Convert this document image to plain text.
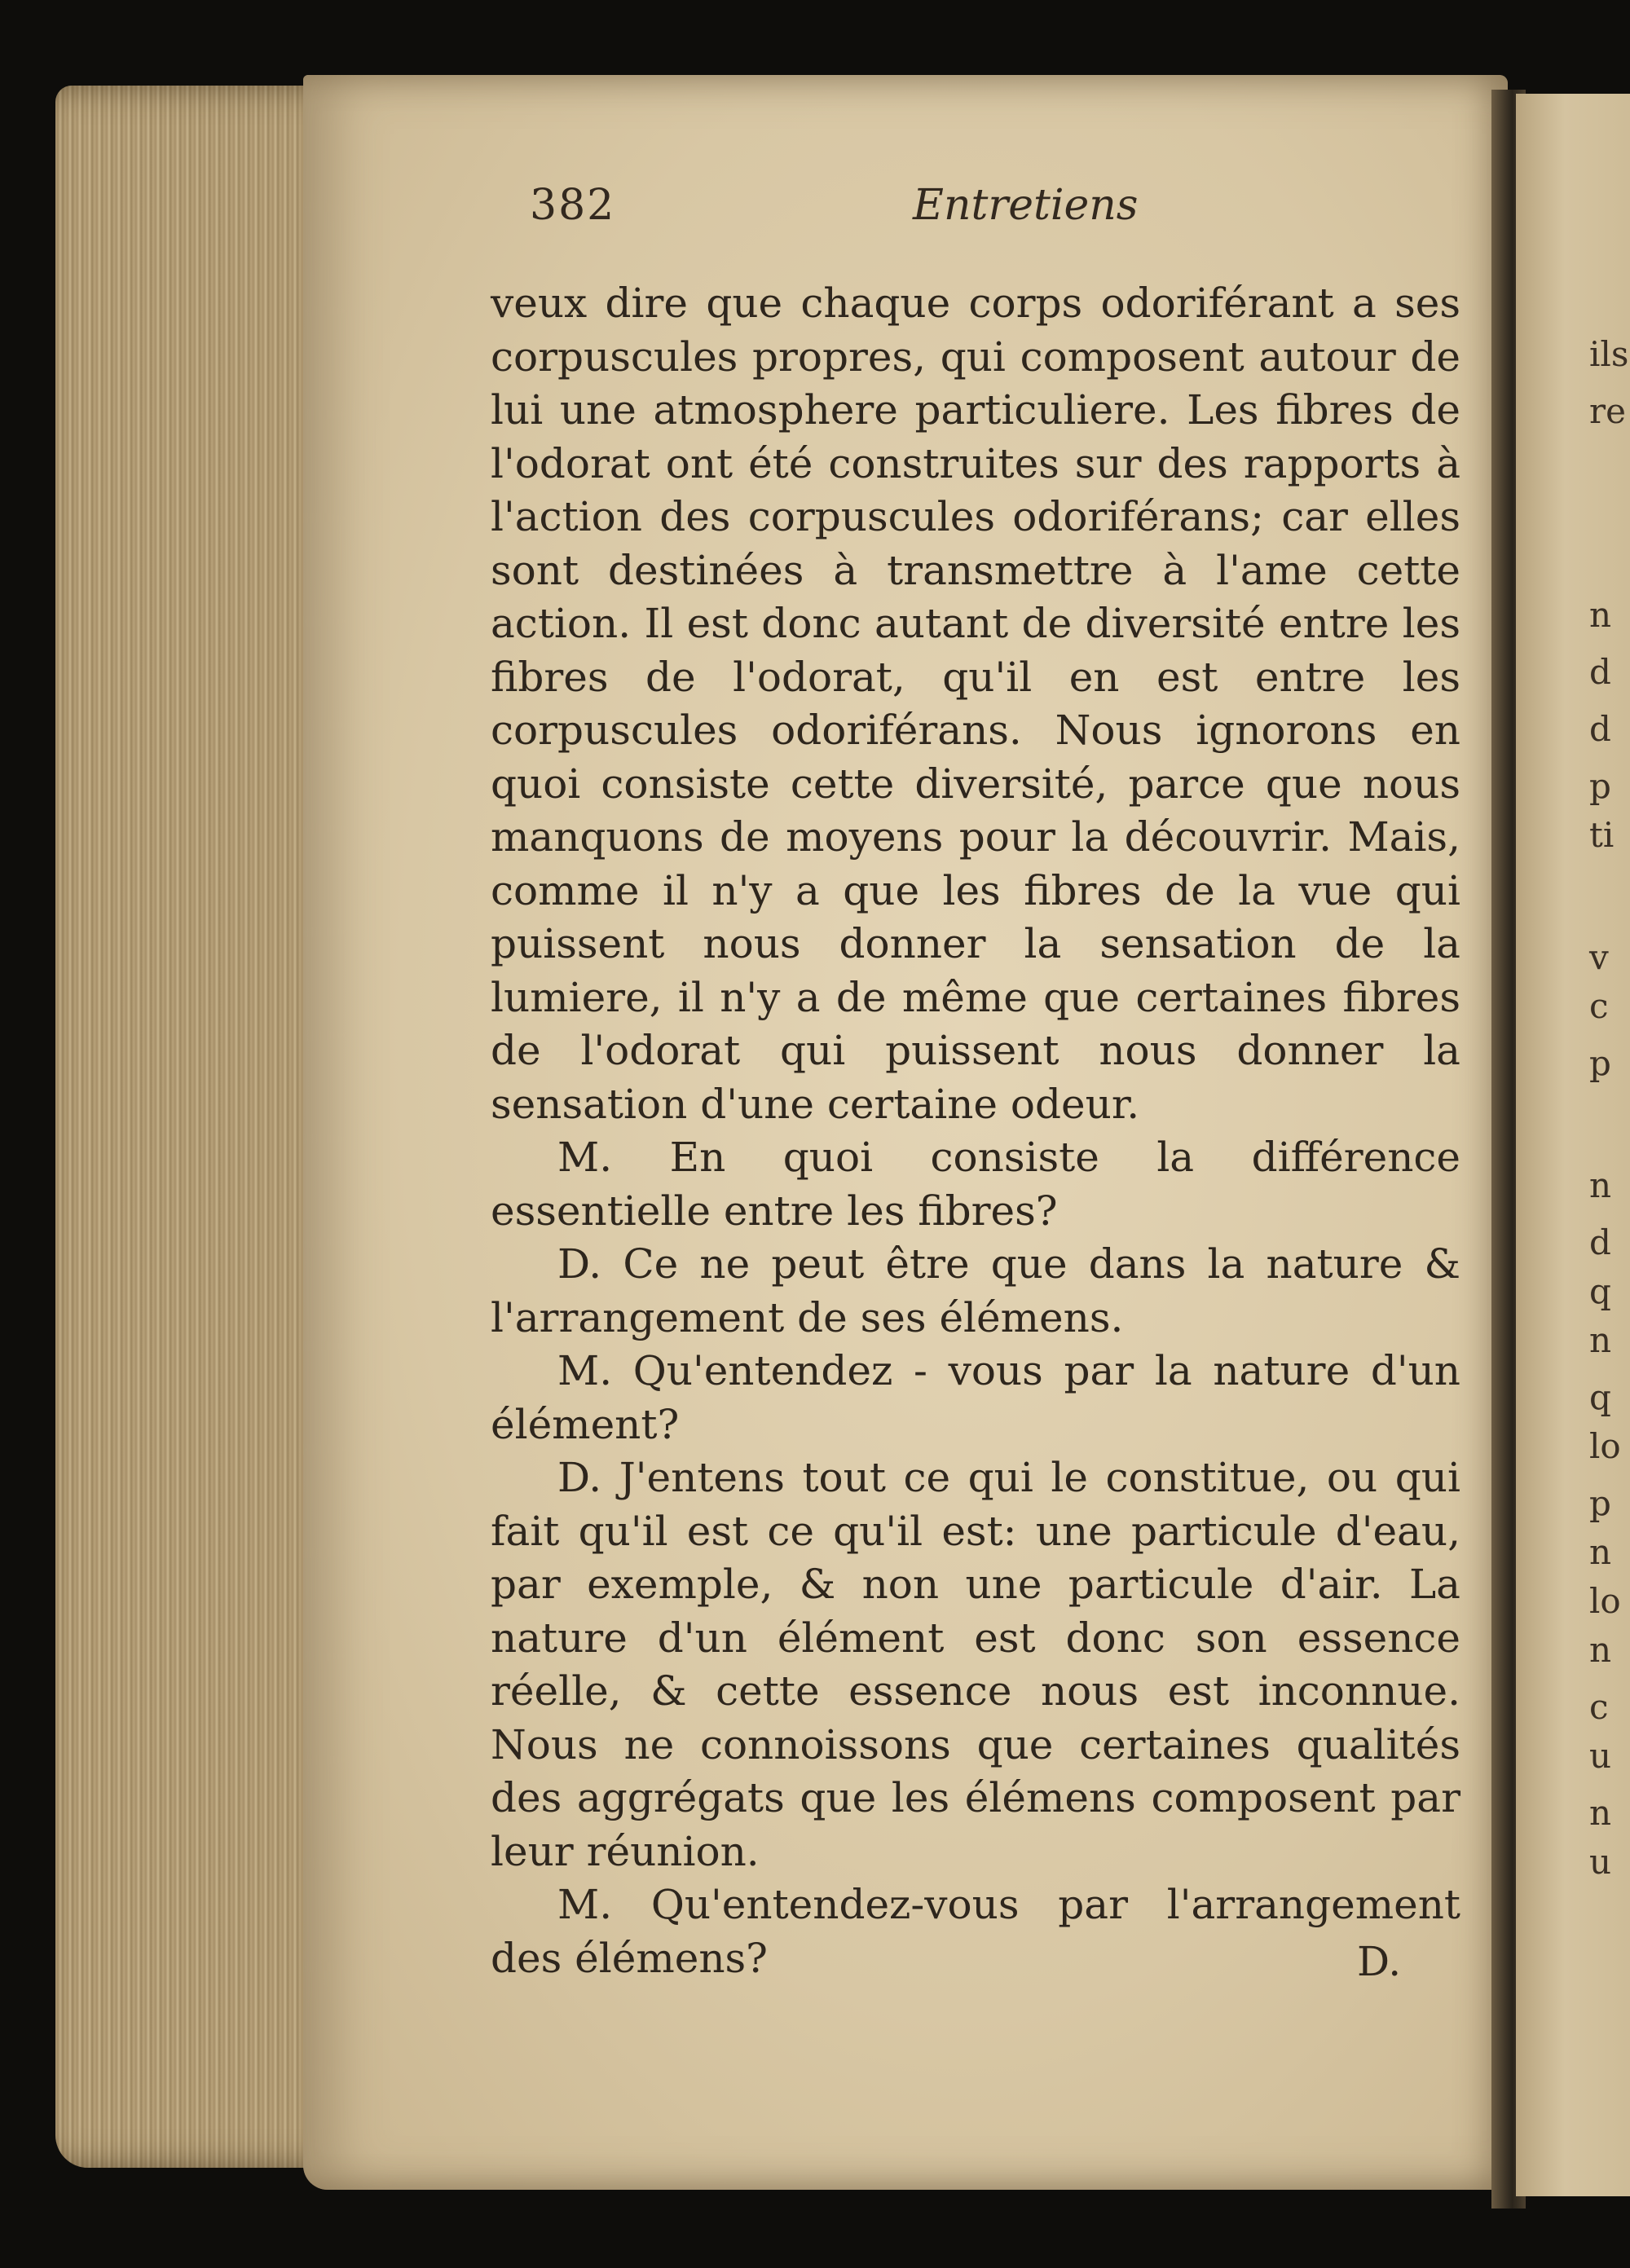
ils
re
n
d
d
p
ti
v
c
p
n
d
q
n
q
lo
p
n
lo
n
c
u
n
u
382	Entretiens

veux dire que chaque corps odoriférant a ses corpuscules propres, qui composent autour de lui une atmosphere particuliere. Les fibres de l'odorat ont été construites sur des rapports à l'action des corpuscules odoriférans; car elles sont destinées à transmettre à l'ame cette action. Il est donc autant de diversité entre les fibres de l'odorat, qu'il en est entre les corpuscules odoriférans. Nous ignorons en quoi consiste cette diversité, parce que nous manquons de moyens pour la découvrir. Mais, comme il n'y a que les fibres de la vue qui puissent nous donner la sensation de la lumiere, il n'y a de même que certaines fibres de l'odorat qui puissent nous donner la sensation d'une certaine odeur.

M. En quoi consiste la différence essentielle entre les fibres?

D. Ce ne peut être que dans la nature & l'arrangement de ses élémens.

M. Qu'entendez - vous par la nature d'un élément?

D. J'entens tout ce qui le constitue, ou qui fait qu'il est ce qu'il est: une particule d'eau, par exemple, & non une particule d'air. La nature d'un élément est donc son essence réelle, & cette essence nous est inconnue. Nous ne connoissons que certaines qualités des aggrégats que les élémens composent par leur réunion.

M. Qu'entendez-vous par l'arrangement des élémens?	D.
